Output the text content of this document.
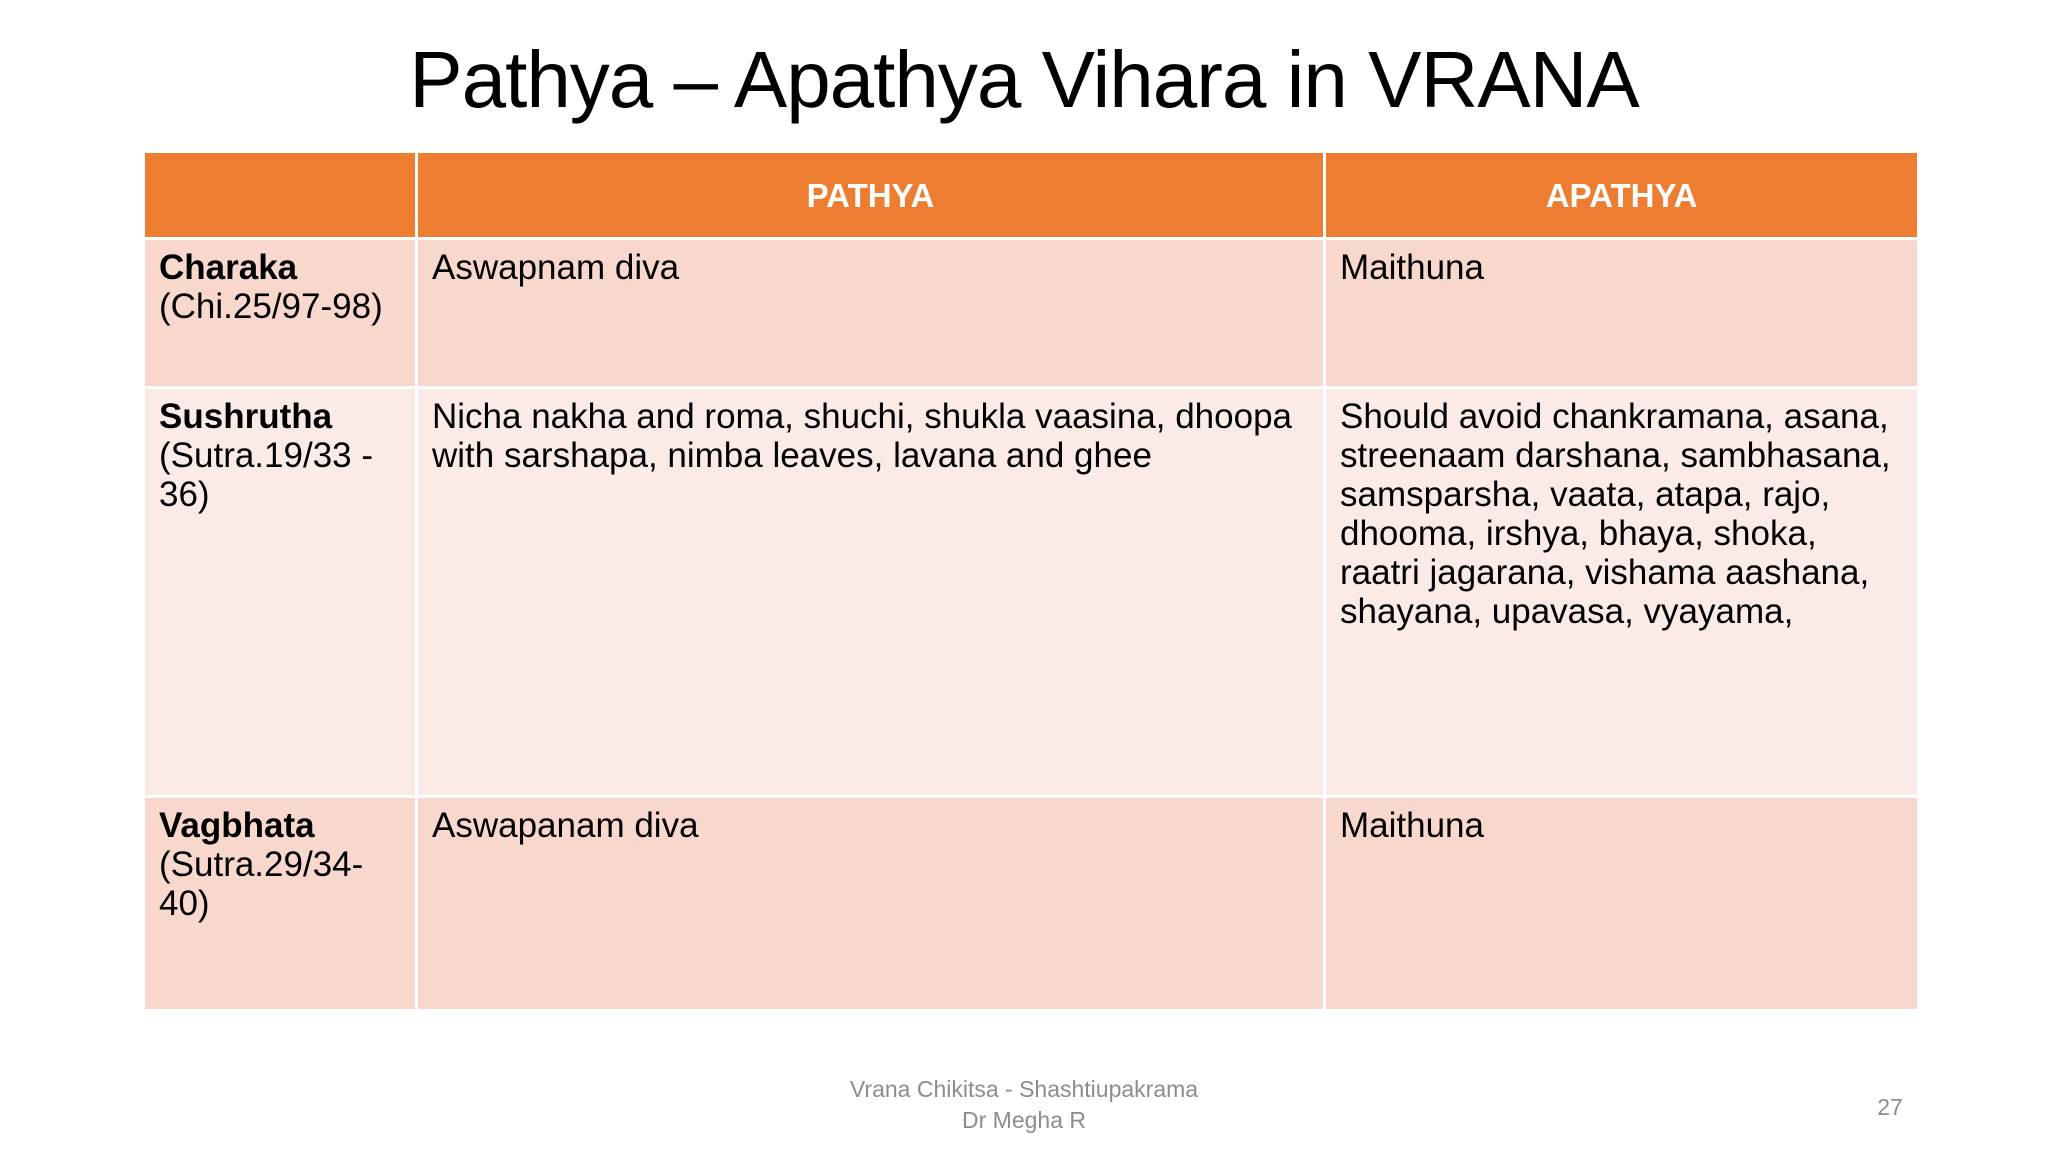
Pathya – Apathya Vihara in VRANA
	PATHYA	APATHYA

Charaka
(Chi.25/97-98)	Aswapnam diva	Maithuna

Sushrutha
(Sutra.19/33 - 36)	Nicha nakha and roma, shuchi, shukla vaasina, dhoopa with sarshapa, nimba leaves, lavana and ghee	Should avoid chankramana, asana, streenaam darshana, sambhasana, samsparsha, vaata, atapa, rajo, dhooma, irshya, bhaya, shoka, raatri jagarana, vishama aashana, shayana, upavasa, vyayama,

Vagbhata
(Sutra.29/34-40)	Aswapanam diva	Maithuna
Vrana Chikitsa - Shashtiupakrama
Dr Megha R	27
